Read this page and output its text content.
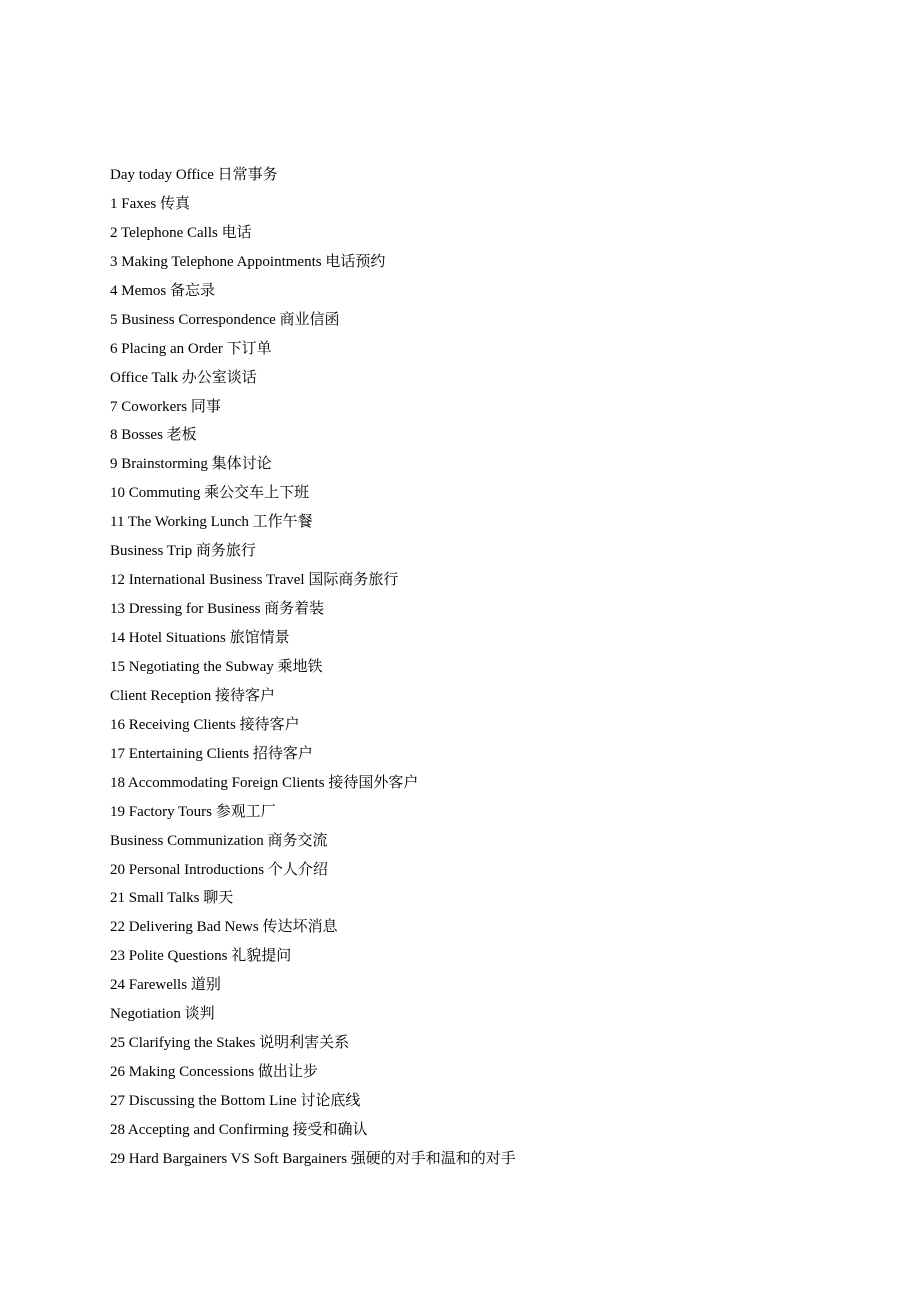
Day today Office 日常事务
1 Faxes 传真
2 Telephone Calls 电话
3 Making Telephone Appointments 电话预约
4 Memos 备忘录
5 Business Correspondence 商业信函
6 Placing an Order 下订单
Office Talk 办公室谈话
7 Coworkers 同事
8 Bosses 老板
9 Brainstorming 集体讨论
10 Commuting 乘公交车上下班
11 The Working Lunch 工作午餐
Business Trip 商务旅行
12 International Business Travel 国际商务旅行
13 Dressing for Business 商务着装
14 Hotel Situations 旅馆情景
15 Negotiating the Subway 乘地铁
Client Reception 接待客户
16 Receiving Clients 接待客户
17 Entertaining Clients 招待客户
18 Accommodating Foreign Clients 接待国外客户
19 Factory Tours 参观工厂
Business Communization 商务交流
20 Personal Introductions 个人介绍
21 Small Talks 聊天
22 Delivering Bad News 传达坏消息
23 Polite Questions 礼貌提问
24 Farewells 道别
Negotiation 谈判
25 Clarifying the Stakes 说明利害关系
26 Making Concessions 做出让步
27 Discussing the Bottom Line 讨论底线
28 Accepting and Confirming 接受和确认
29 Hard Bargainers VS Soft Bargainers 强硬的对手和温和的对手
